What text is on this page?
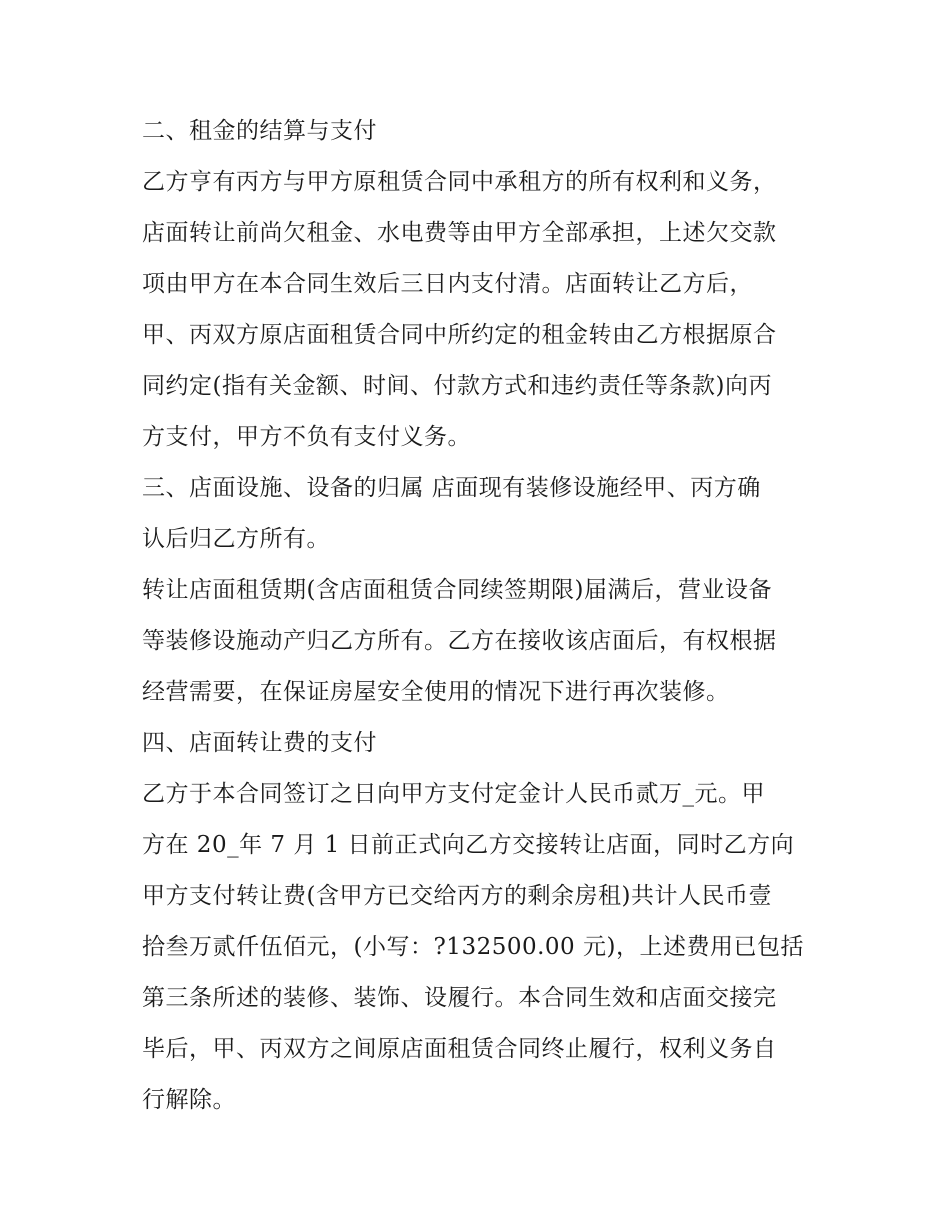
二、租金的结算与支付
乙方亨有丙方与甲方原租赁合同中承租方的所有权利和义务，
店面转让前尚欠租金、水电费等由甲方全部承担，上述欠交款
项由甲方在本合同生效后三日内支付清。店面转让乙方后，
甲、丙双方原店面租赁合同中所约定的租金转由乙方根据原合
同约定(指有关金额、时间、付款方式和违约责任等条款)向丙
方支付，甲方不负有支付义务。
三、店面设施、设备的归属 店面现有装修设施经甲、丙方确
认后归乙方所有。
转让店面租赁期(含店面租赁合同续签期限)届满后，营业设备
等装修设施动产归乙方所有。乙方在接收该店面后，有权根据
经营需要，在保证房屋安全使用的情况下进行再次装修。
四、店面转让费的支付
乙方于本合同签订之日向甲方支付定金计人民币贰万_元。甲
方在 20_年 7 月 1 日前正式向乙方交接转让店面，同时乙方向
甲方支付转让费(含甲方已交给丙方的剩余房租)共计人民币壹
拾叁万贰仟伍佰元，(小写：?132500.00 元)，上述费用已包括
第三条所述的装修、装饰、设履行。本合同生效和店面交接完
毕后，甲、丙双方之间原店面租赁合同终止履行，权利义务自
行解除。
